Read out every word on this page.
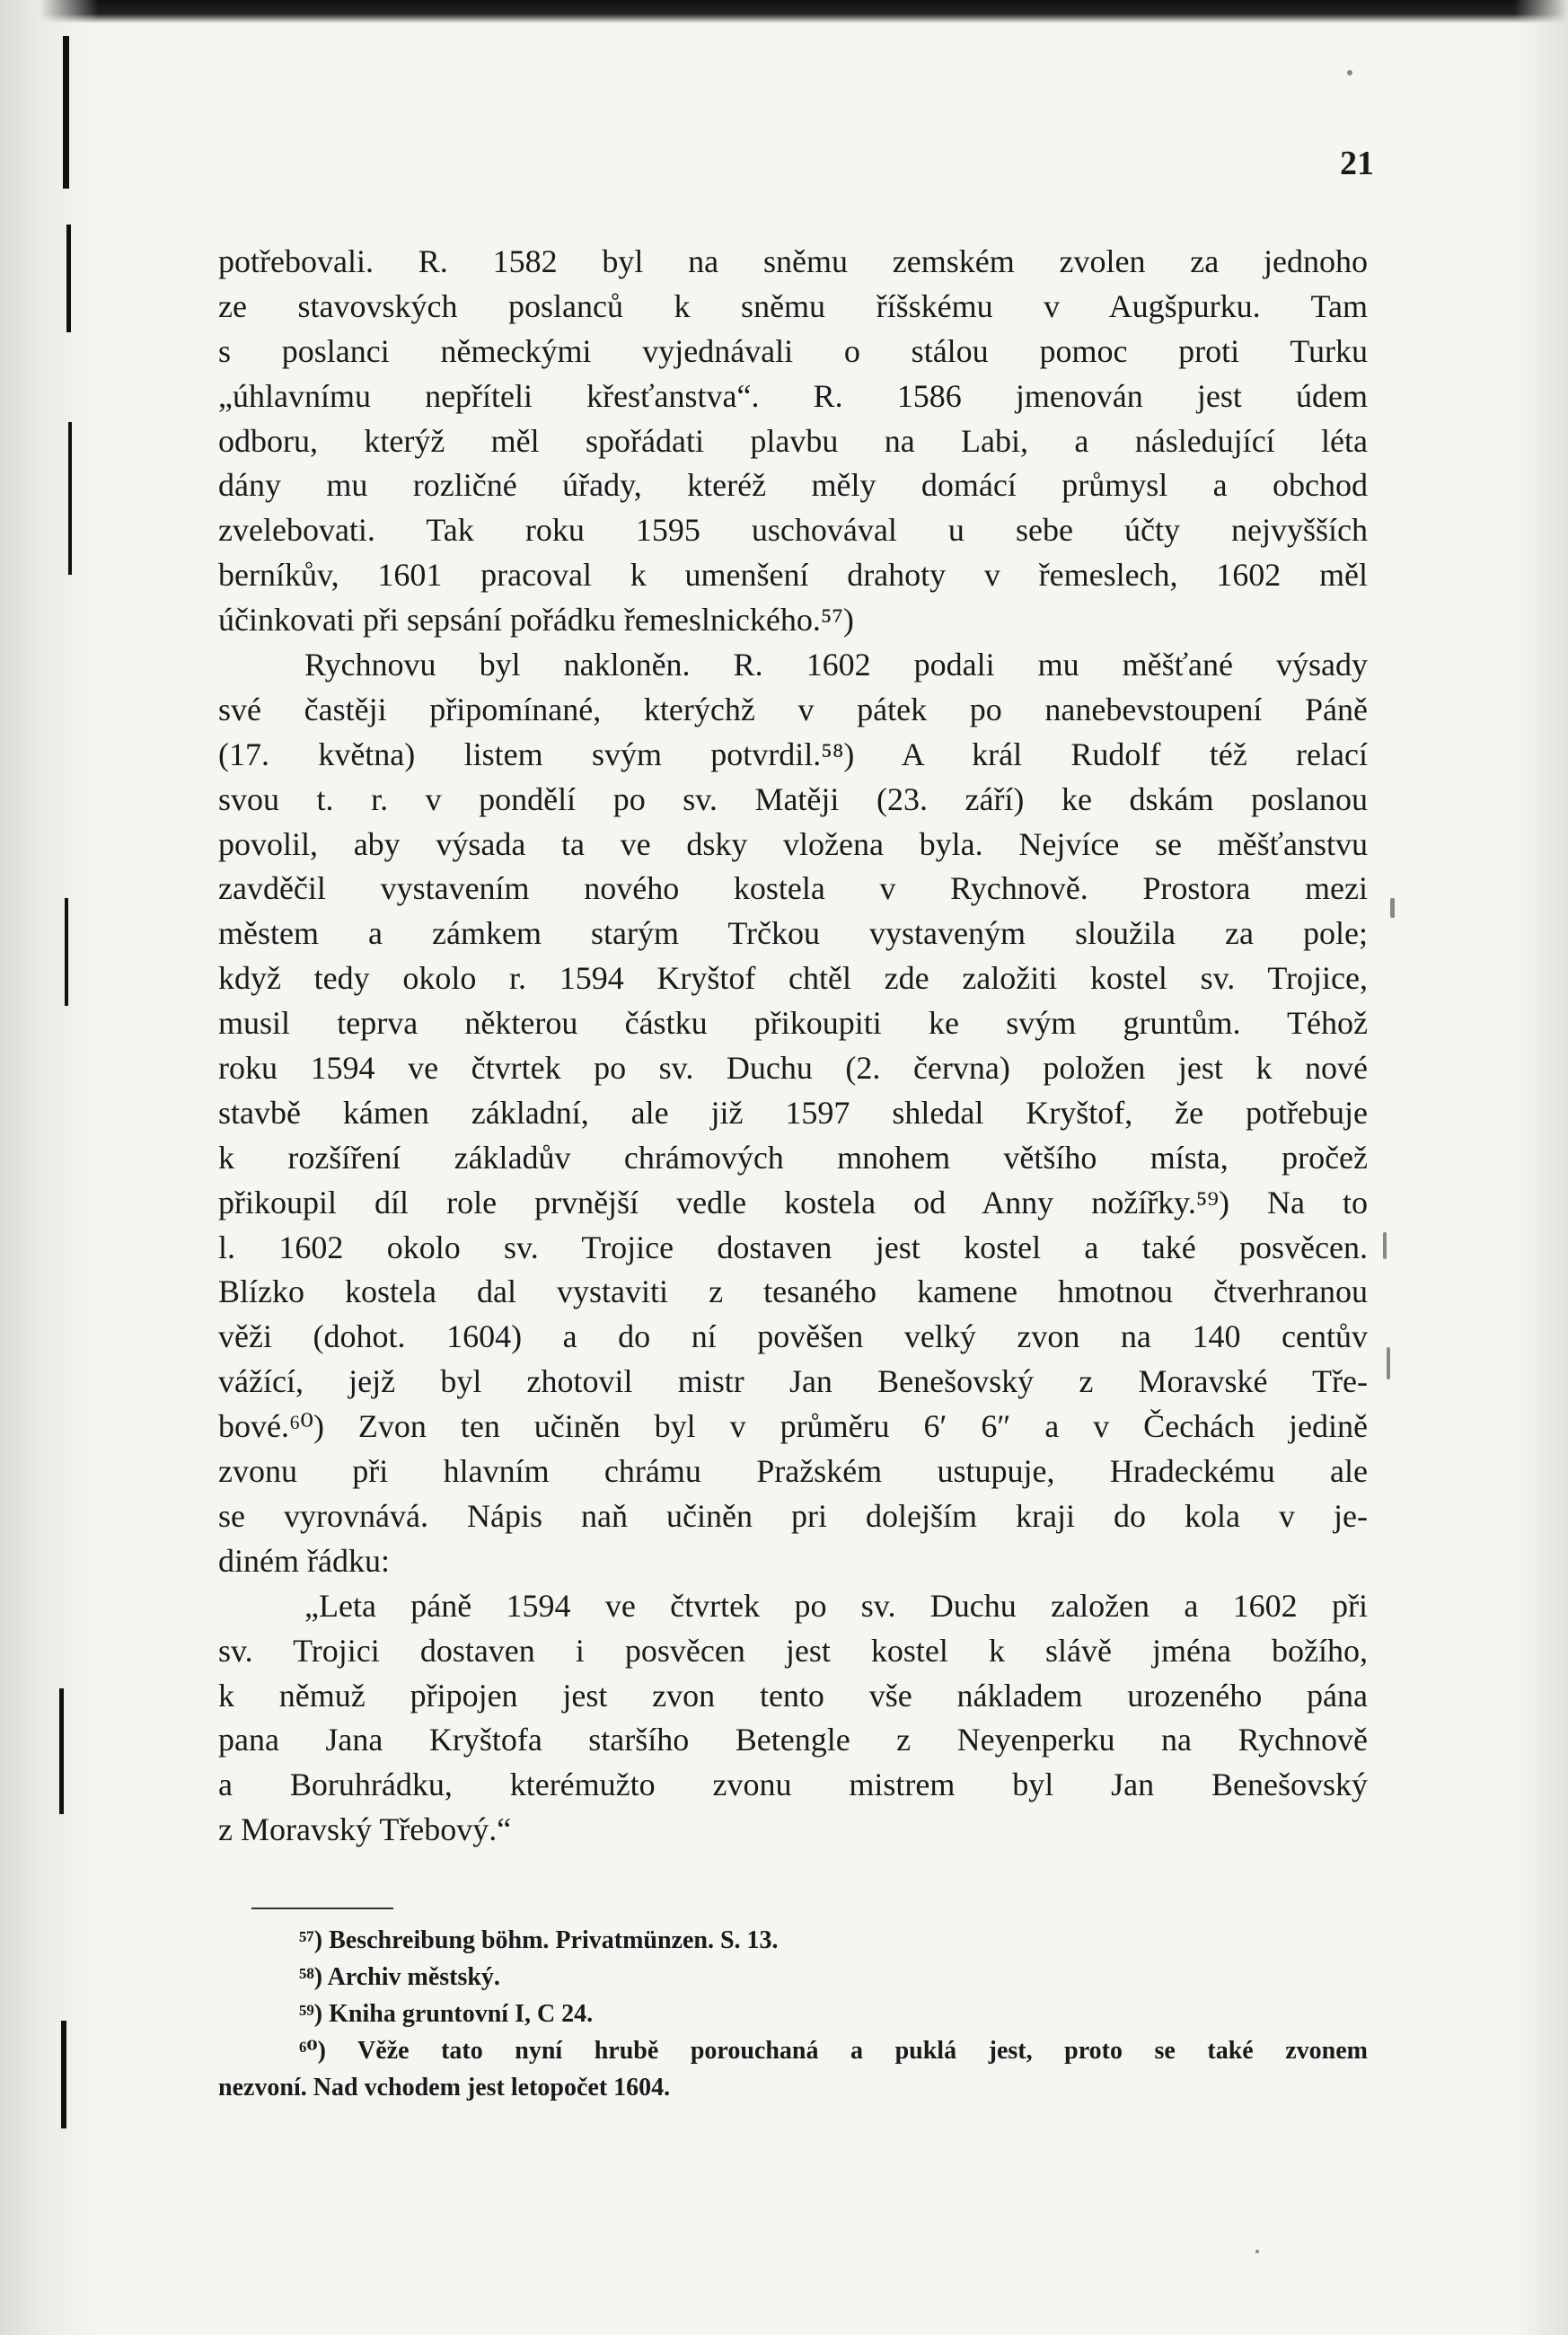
21
potřebovali. R. 1582 byl na sněmu zemském zvolen za jednoho
ze stavovských poslanců k sněmu říšskému v Augšpurku. Tam
s poslanci německými vyjednávali o stálou pomoc proti Turku
„úhlavnímu nepříteli křesťanstva“. R. 1586 jmenován jest údem
odboru, kterýž měl spořádati plavbu na Labi, a následující léta
dány mu rozličné úřady, kteréž měly domácí průmysl a obchod
zvelebovati. Tak roku 1595 uschovával u sebe účty nejvyšších
berníkův, 1601 pracoval k umenšení drahoty v řemeslech, 1602 měl
účinkovati při sepsání pořádku řemeslnického.⁵⁷)
Rychnovu byl nakloněn. R. 1602 podali mu měšťané výsady
své častěji připomínané, kterýchž v pátek po nanebevstoupení Páně
(17. května) listem svým potvrdil.⁵⁸) A král Rudolf též relací
svou t. r. v pondělí po sv. Matěji (23. září) ke dskám poslanou
povolil, aby výsada ta ve dsky vložena byla. Nejvíce se měšťanstvu
zavděčil vystavením nového kostela v Rychnově. Prostora mezi
městem a zámkem starým Trčkou vystaveným sloužila za pole;
když tedy okolo r. 1594 Kryštof chtěl zde založiti kostel sv. Trojice,
musil teprva některou částku přikoupiti ke svým gruntům. Téhož
roku 1594 ve čtvrtek po sv. Duchu (2. června) položen jest k nové
stavbě kámen základní, ale již 1597 shledal Kryštof, že potřebuje
k rozšíření základův chrámových mnohem většího místa, pročež
přikoupil díl role prvnější vedle kostela od Anny nožířky.⁵⁹) Na to
l. 1602 okolo sv. Trojice dostaven jest kostel a také posvěcen.
Blízko kostela dal vystaviti z tesaného kamene hmotnou čtverhranou
věži (dohot. 1604) a do ní pověšen velký zvon na 140 centův
vážící, jejž byl zhotovil mistr Jan Benešovský z Moravské Tře-
bové.⁶⁰) Zvon ten učiněn byl v průměru 6′ 6″ a v Čechách jedině
zvonu při hlavním chrámu Pražském ustupuje, Hradeckému ale
se vyrovnává. Nápis naň učiněn pri dolejším kraji do kola v je-
diném řádku:
„Leta páně 1594 ve čtvrtek po sv. Duchu založen a 1602 při
sv. Trojici dostaven i posvěcen jest kostel k slávě jména božího,
k němuž připojen jest zvon tento vše nákladem urozeného pána
pana Jana Kryštofa staršího Betengle z Neyenperku na Rychnově
a Boruhrádku, kterémužto zvonu mistrem byl Jan Benešovský
z Moravský Třebový.“
⁵⁷) Beschreibung böhm. Privatmünzen. S. 13.
⁵⁸) Archiv městský.
⁵⁹) Kniha gruntovní I, C 24.
⁶⁰) Věže tato nyní hrubě porouchaná a puklá jest, proto se také zvonem
nezvoní. Nad vchodem jest letopočet 1604.
